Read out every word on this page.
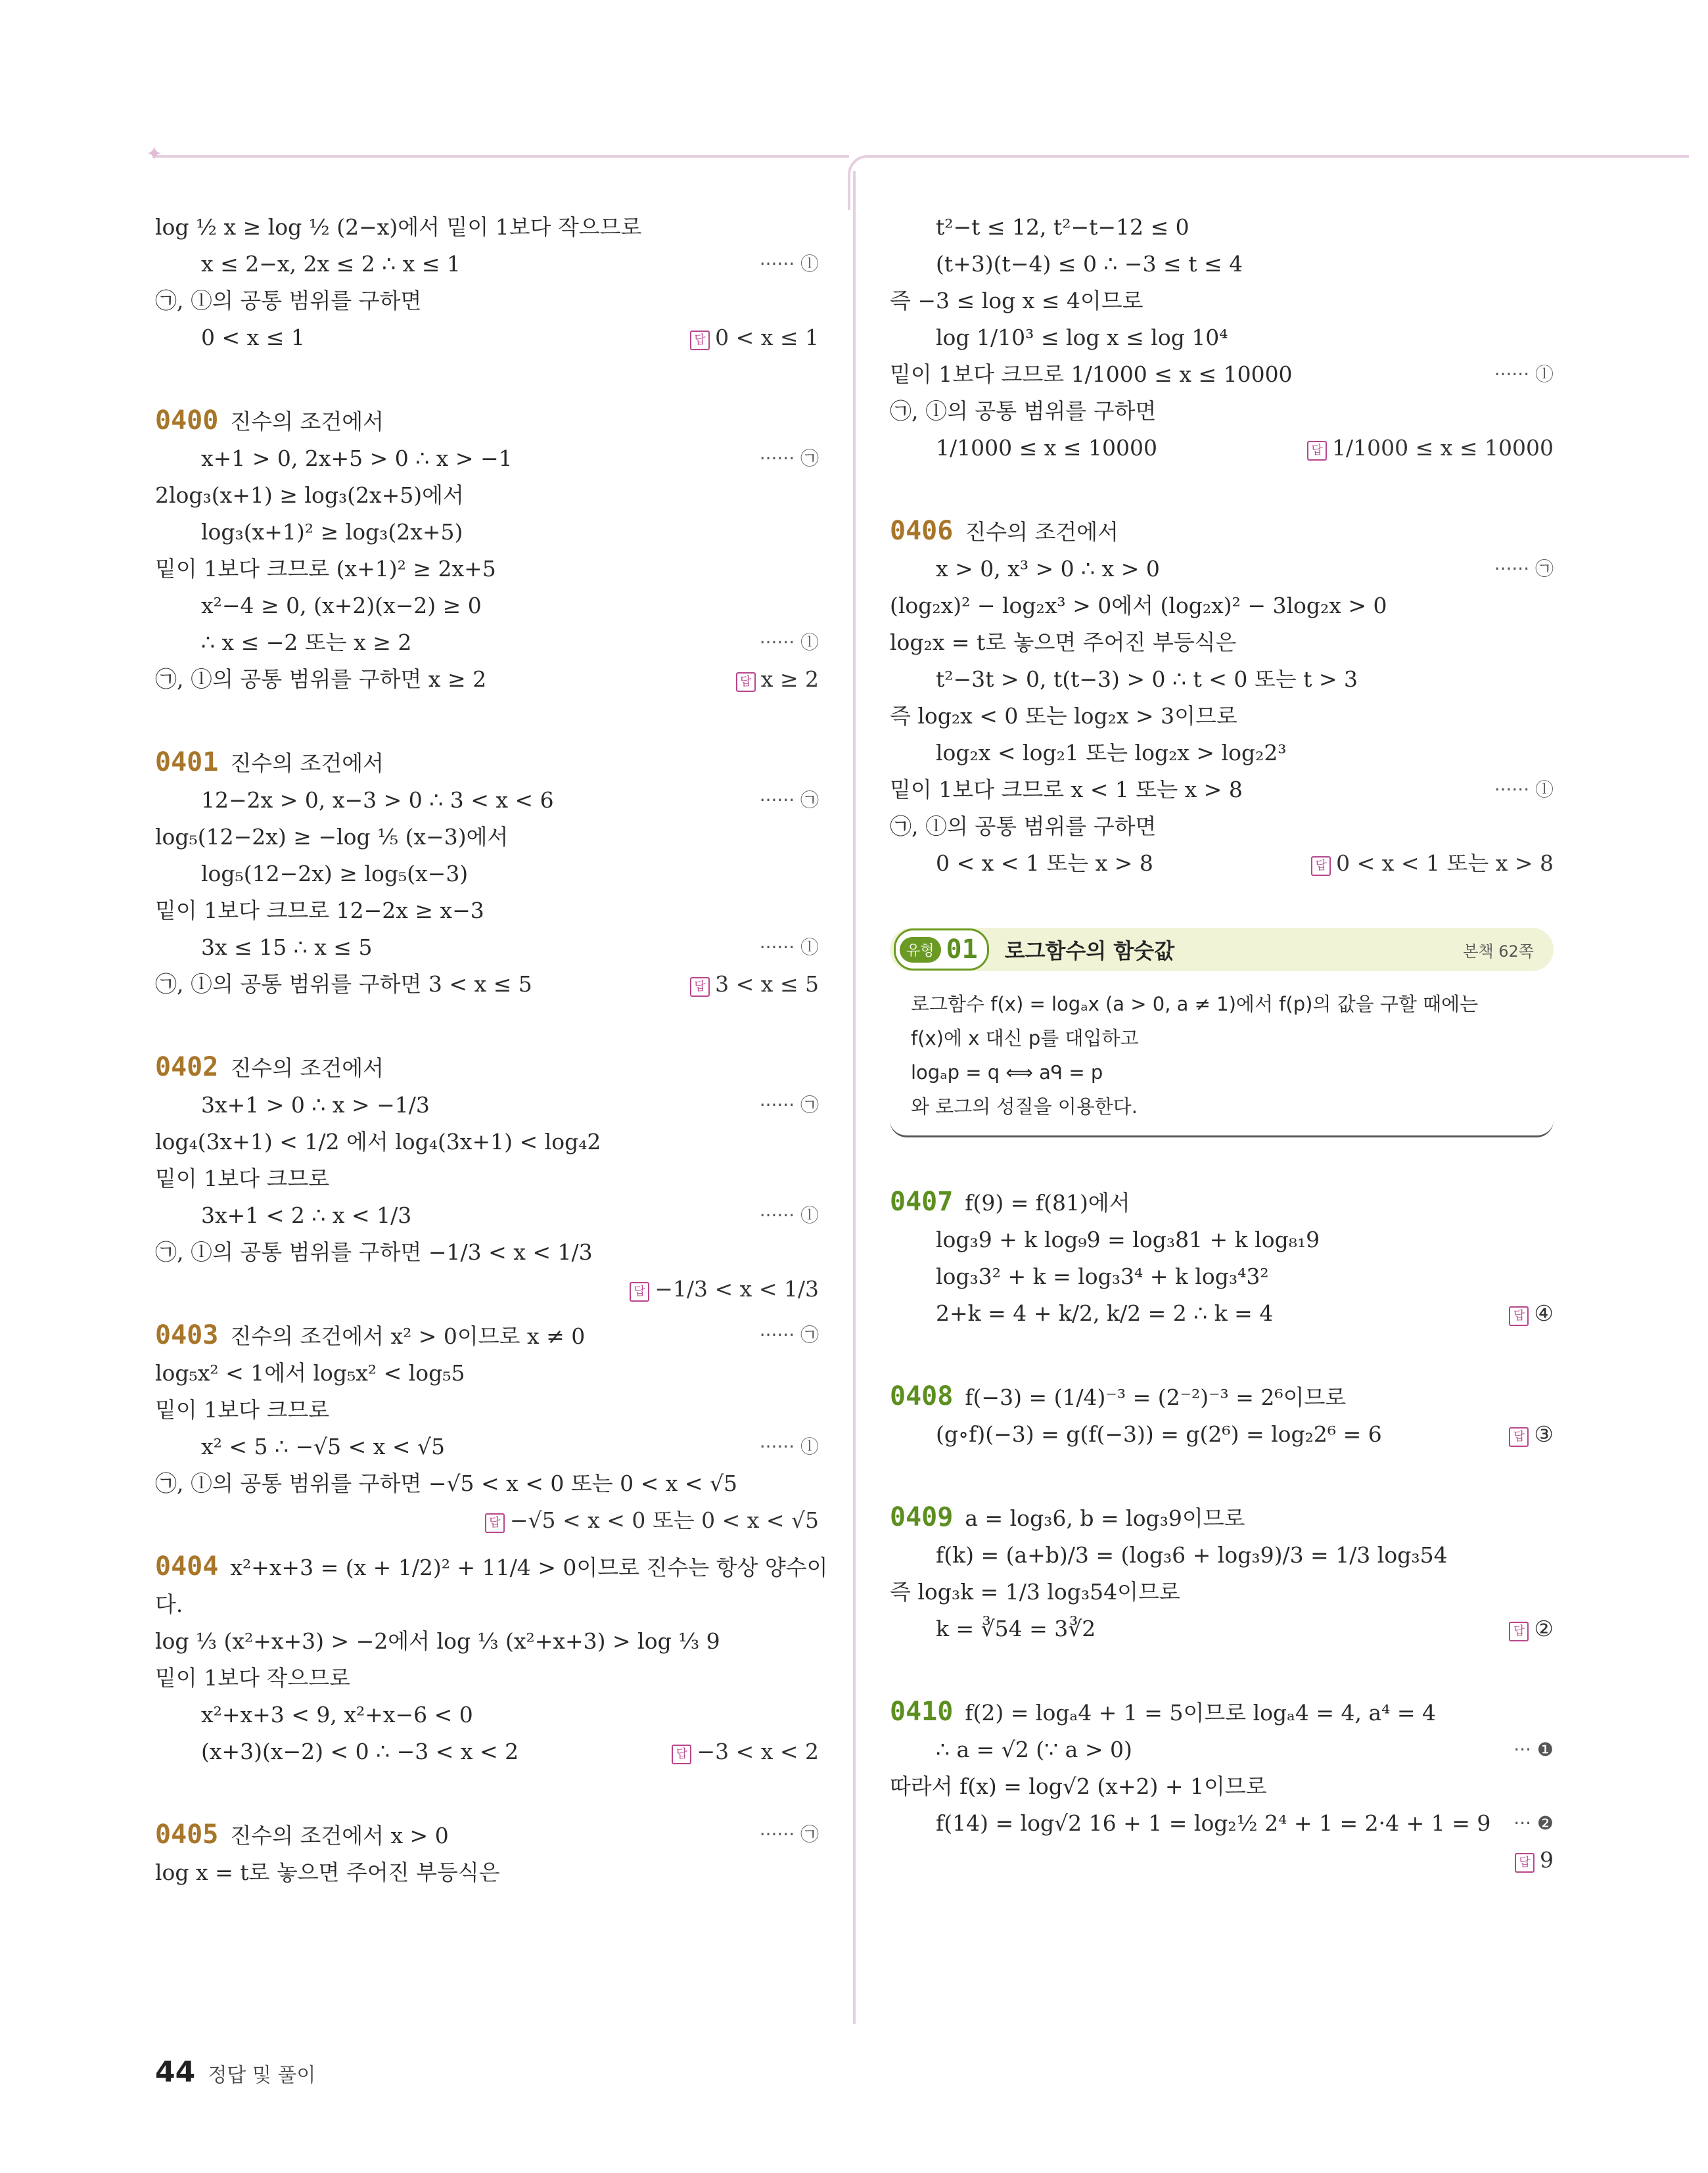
✦
log ½ x ≥ log ½ (2−x)에서 밑이 1보다 작으므로
x ≤ 2−x, 2x ≤ 2 ∴ x ≤ 1	······ ⓛ
㉠, ⓛ의 공통 범위를 구하면
0 < x ≤ 1	답 0 < x ≤ 1
0400 진수의 조건에서
x+1 > 0, 2x+5 > 0 ∴ x > −1	······ ㉠
2log₃(x+1) ≥ log₃(2x+5)에서
log₃(x+1)² ≥ log₃(2x+5)
밑이 1보다 크므로 (x+1)² ≥ 2x+5
x²−4 ≥ 0, (x+2)(x−2) ≥ 0
∴ x ≤ −2 또는 x ≥ 2	······ ⓛ
㉠, ⓛ의 공통 범위를 구하면 x ≥ 2	답 x ≥ 2
0401 진수의 조건에서
12−2x > 0, x−3 > 0 ∴ 3 < x < 6	······ ㉠
log₅(12−2x) ≥ −log ⅕ (x−3)에서
log₅(12−2x) ≥ log₅(x−3)
밑이 1보다 크므로 12−2x ≥ x−3
3x ≤ 15 ∴ x ≤ 5	······ ⓛ
㉠, ⓛ의 공통 범위를 구하면 3 < x ≤ 5	답 3 < x ≤ 5
0402 진수의 조건에서
3x+1 > 0 ∴ x > −1/3	······ ㉠
log₄(3x+1) < 1/2 에서 log₄(3x+1) < log₄2
밑이 1보다 크므로
3x+1 < 2 ∴ x < 1/3	······ ⓛ
㉠, ⓛ의 공통 범위를 구하면 −1/3 < x < 1/3
답 −1/3 < x < 1/3
0403 진수의 조건에서 x² > 0이므로 x ≠ 0	······ ㉠
log₅x² < 1에서 log₅x² < log₅5
밑이 1보다 크므로
x² < 5 ∴ −√5 < x < √5	······ ⓛ
㉠, ⓛ의 공통 범위를 구하면 −√5 < x < 0 또는 0 < x < √5
답 −√5 < x < 0 또는 0 < x < √5
0404 x²+x+3 = (x + 1/2)² + 11/4 > 0이므로 진수는 항상 양수이
다.
log ⅓ (x²+x+3) > −2에서 log ⅓ (x²+x+3) > log ⅓ 9
밑이 1보다 작으므로
x²+x+3 < 9, x²+x−6 < 0
(x+3)(x−2) < 0 ∴ −3 < x < 2	답 −3 < x < 2
0405 진수의 조건에서 x > 0	······ ㉠
log x = t로 놓으면 주어진 부등식은
t²−t ≤ 12, t²−t−12 ≤ 0
(t+3)(t−4) ≤ 0 ∴ −3 ≤ t ≤ 4
즉 −3 ≤ log x ≤ 4이므로
log 1/10³ ≤ log x ≤ log 10⁴
밑이 1보다 크므로 1/1000 ≤ x ≤ 10000	······ ⓛ
㉠, ⓛ의 공통 범위를 구하면
1/1000 ≤ x ≤ 10000	답 1/1000 ≤ x ≤ 10000
0406 진수의 조건에서
x > 0, x³ > 0 ∴ x > 0	······ ㉠
(log₂x)² − log₂x³ > 0에서 (log₂x)² − 3log₂x > 0
log₂x = t로 놓으면 주어진 부등식은
t²−3t > 0, t(t−3) > 0 ∴ t < 0 또는 t > 3
즉 log₂x < 0 또는 log₂x > 3이므로
log₂x < log₂1 또는 log₂x > log₂2³
밑이 1보다 크므로 x < 1 또는 x > 8	······ ⓛ
㉠, ⓛ의 공통 범위를 구하면
0 < x < 1 또는 x > 8	답 0 < x < 1 또는 x > 8
유형 01 로그함수의 함숫값	본책 62쪽
로그함수 f(x) = logₐx (a > 0, a ≠ 1)에서 f(p)의 값을 구할 때에는
f(x)에 x 대신 p를 대입하고
logₐp = q ⟺ aᑫ = p
와 로그의 성질을 이용한다.
0407 f(9) = f(81)에서
log₃9 + k log₉9 = log₃81 + k log₈₁9
log₃3² + k = log₃3⁴ + k log₃⁴3²
2+k = 4 + k/2, k/2 = 2 ∴ k = 4	답 ④
0408 f(−3) = (1/4)⁻³ = (2⁻²)⁻³ = 2⁶이므로
(g∘f)(−3) = g(f(−3)) = g(2⁶) = log₂2⁶ = 6	답 ③
0409 a = log₃6, b = log₃9이므로
f(k) = (a+b)/3 = (log₃6 + log₃9)/3 = 1/3 log₃54
즉 log₃k = 1/3 log₃54이므로
k = ∛54 = 3∛2	답 ②
0410 f(2) = logₐ4 + 1 = 5이므로 logₐ4 = 4, a⁴ = 4
∴ a = √2 (∵ a > 0)	··· ❶
따라서 f(x) = log√2 (x+2) + 1이므로
f(14) = log√2 16 + 1 = log₂½ 2⁴ + 1 = 2·4 + 1 = 9 ··· ❷
답 9
44 정답 및 풀이
